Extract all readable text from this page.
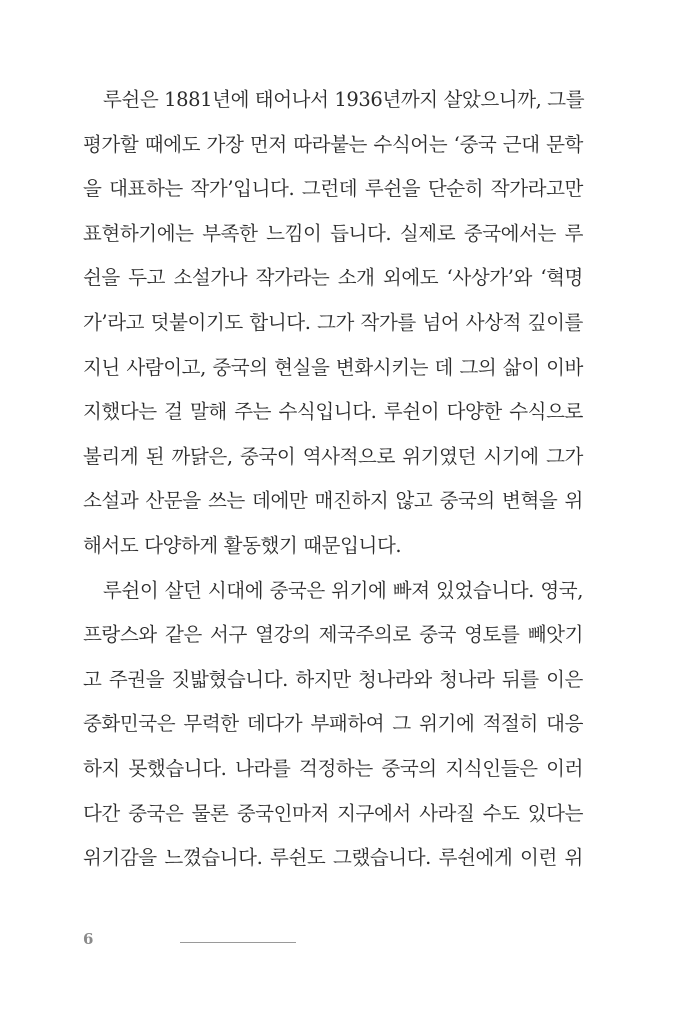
루쉰은 1881년에 태어나서 1936년까지 살았으니까, 그를
평가할 때에도 가장 먼저 따라붙는 수식어는 ‘중국 근대 문학
을 대표하는 작가’입니다. 그런데 루쉰을 단순히 작가라고만
표현하기에는 부족한 느낌이 듭니다. 실제로 중국에서는 루
쉰을 두고 소설가나 작가라는 소개 외에도 ‘사상가’와 ‘혁명
가’라고 덧붙이기도 합니다. 그가 작가를 넘어 사상적 깊이를
지닌 사람이고, 중국의 현실을 변화시키는 데 그의 삶이 이바
지했다는 걸 말해 주는 수식입니다. 루쉰이 다양한 수식으로
불리게 된 까닭은, 중국이 역사적으로 위기였던 시기에 그가
소설과 산문을 쓰는 데에만 매진하지 않고 중국의 변혁을 위
해서도 다양하게 활동했기 때문입니다.
루쉰이 살던 시대에 중국은 위기에 빠져 있었습니다. 영국,
프랑스와 같은 서구 열강의 제국주의로 중국 영토를 빼앗기
고 주권을 짓밟혔습니다. 하지만 청나라와 청나라 뒤를 이은
중화민국은 무력한 데다가 부패하여 그 위기에 적절히 대응
하지 못했습니다. 나라를 걱정하는 중국의 지식인들은 이러
다간 중국은 물론 중국인마저 지구에서 사라질 수도 있다는
위기감을 느꼈습니다. 루쉰도 그랬습니다. 루쉰에게 이런 위
6
